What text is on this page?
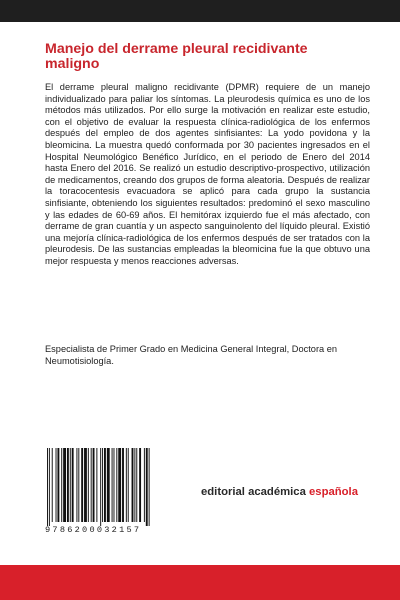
Manejo del derrame pleural recidivante maligno

El derrame pleural maligno recidivante (DPMR) requiere de un manejo individualizado para paliar los síntomas. La pleurodesis química es uno de los métodos más utilizados. Por ello surge la motivación en realizar este estudio, con el objetivo de evaluar la respuesta clínica-radiológica de los enfermos después del empleo de dos agentes sinfisiantes: La yodo povidona y la bleomicina. La muestra quedó conformada por 30 pacientes ingresados en el Hospital Neumológico Benéfico Jurídico, en el periodo de Enero del 2014 hasta Enero del 2016. Se realizó un estudio descriptivo-prospectivo, utilización de medicamentos, creando dos grupos de forma aleatoria. Después de realizar la toracocentesis evacuadora se aplicó para cada grupo la sustancia sinfisiante, obteniendo los siguientes resultados: predominó el sexo masculino y las edades de 60-69 años. El hemitórax izquierdo fue el más afectado, con derrame de gran cuantía y un aspecto sanguinolento del líquido pleural. Existió una mejoría clínica-radiológica de los enfermos después de ser tratados con la pleurodesis. De las sustancias empleadas la bleomicina fue la que obtuvo una mejor respuesta y menos reacciones adversas.

Especialista de Primer Grado en Medicina General Integral, Doctora en Neumotisiología.

9786200032157
editorial académica española
